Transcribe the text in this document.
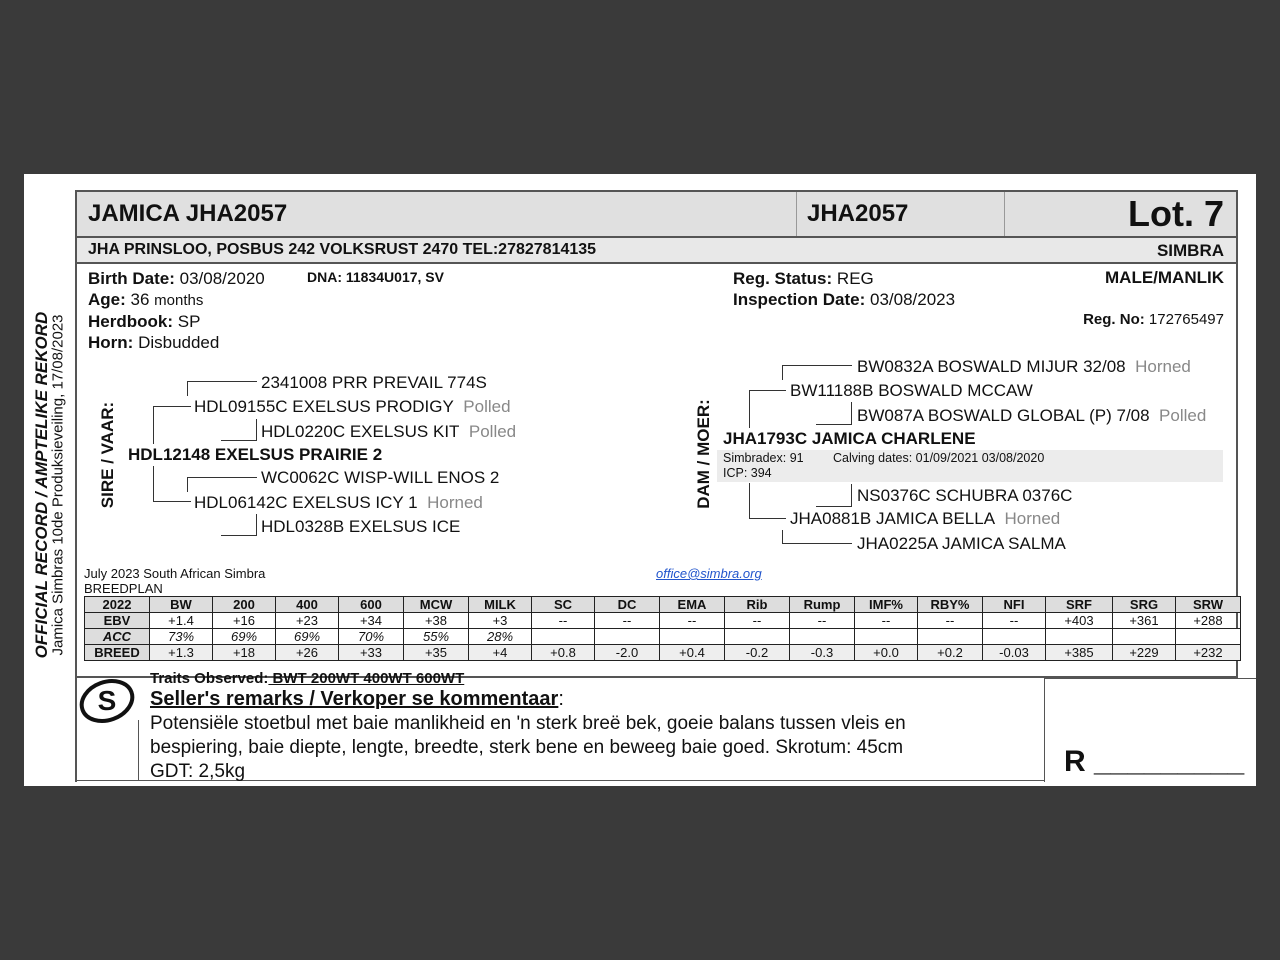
OFFICIAL RECORD / AMPTELIKE REKORD
Jamica Simbras 10de Produksieveiling, 17/08/2023
JAMICA JHA2057	JHA2057	Lot. 7
JHA PRINSLOO, POSBUS 242 VOLKSRUST 2470 TEL:27827814135	SIMBRA
Birth Date: 03/08/2020
Age: 36 months
Herdbook: SP
Horn: Disbudded
DNA: 11834U017, SV	Reg. Status: REG
Inspection Date: 03/08/2023
MALE/MANLIK
Reg. No: 172765497
SIRE / VAAR: HDL12148 EXELSUS PRAIRIE 2
HDL09155C EXELSUS PRODIGY Polled
2341008 PRR PREVAIL 774S
HDL0220C EXELSUS KIT Polled
HDL06142C EXELSUS ICY 1 Horned
WC0062C WISP-WILL ENOS 2
HDL0328B EXELSUS ICE
DAM / MOER: JHA1793C JAMICA CHARLENE
Simbradex: 91 Calving dates: 01/09/2021 03/08/2020
ICP: 394
BW11188B BOSWALD MCCAW
BW0832A BOSWALD MIJUR 32/08 Horned
BW087A BOSWALD GLOBAL (P) 7/08 Polled
JHA0881B JAMICA BELLA Horned
NS0376C SCHUBRA 0376C
JHA0225A JAMICA SALMA
July 2023 South African Simbra
BREEDPLAN
office@simbra.org
2022	BW	200	400	600	MCW	MILK	SC	DC	EMA	Rib	Rump	IMF%	RBY%	NFI	SRF	SRG	SRW
EBV	+1.4	+16	+23	+34	+38	+3	--	--	--	--	--	--	--	--	+403	+361	+288
ACC	73%	69%	69%	70%	55%	28%											
BREED	+1.3	+18	+26	+33	+35	+4	+0.8	-2.0	+0.4	-0.2	-0.3	+0.0	+0.2	-0.03	+385	+229	+232
S
Traits Observed: BWT 200WT 400WT 600WT
Seller's remarks / Verkoper se kommentaar:
Potensiële stoetbul met baie manlikheid en 'n sterk breë bek, goeie balans tussen vleis en
bespiering, baie diepte, lengte, breedte, sterk bene en beweeg baie goed. Skrotum: 45cm
GDT: 2,5kg	R _________
